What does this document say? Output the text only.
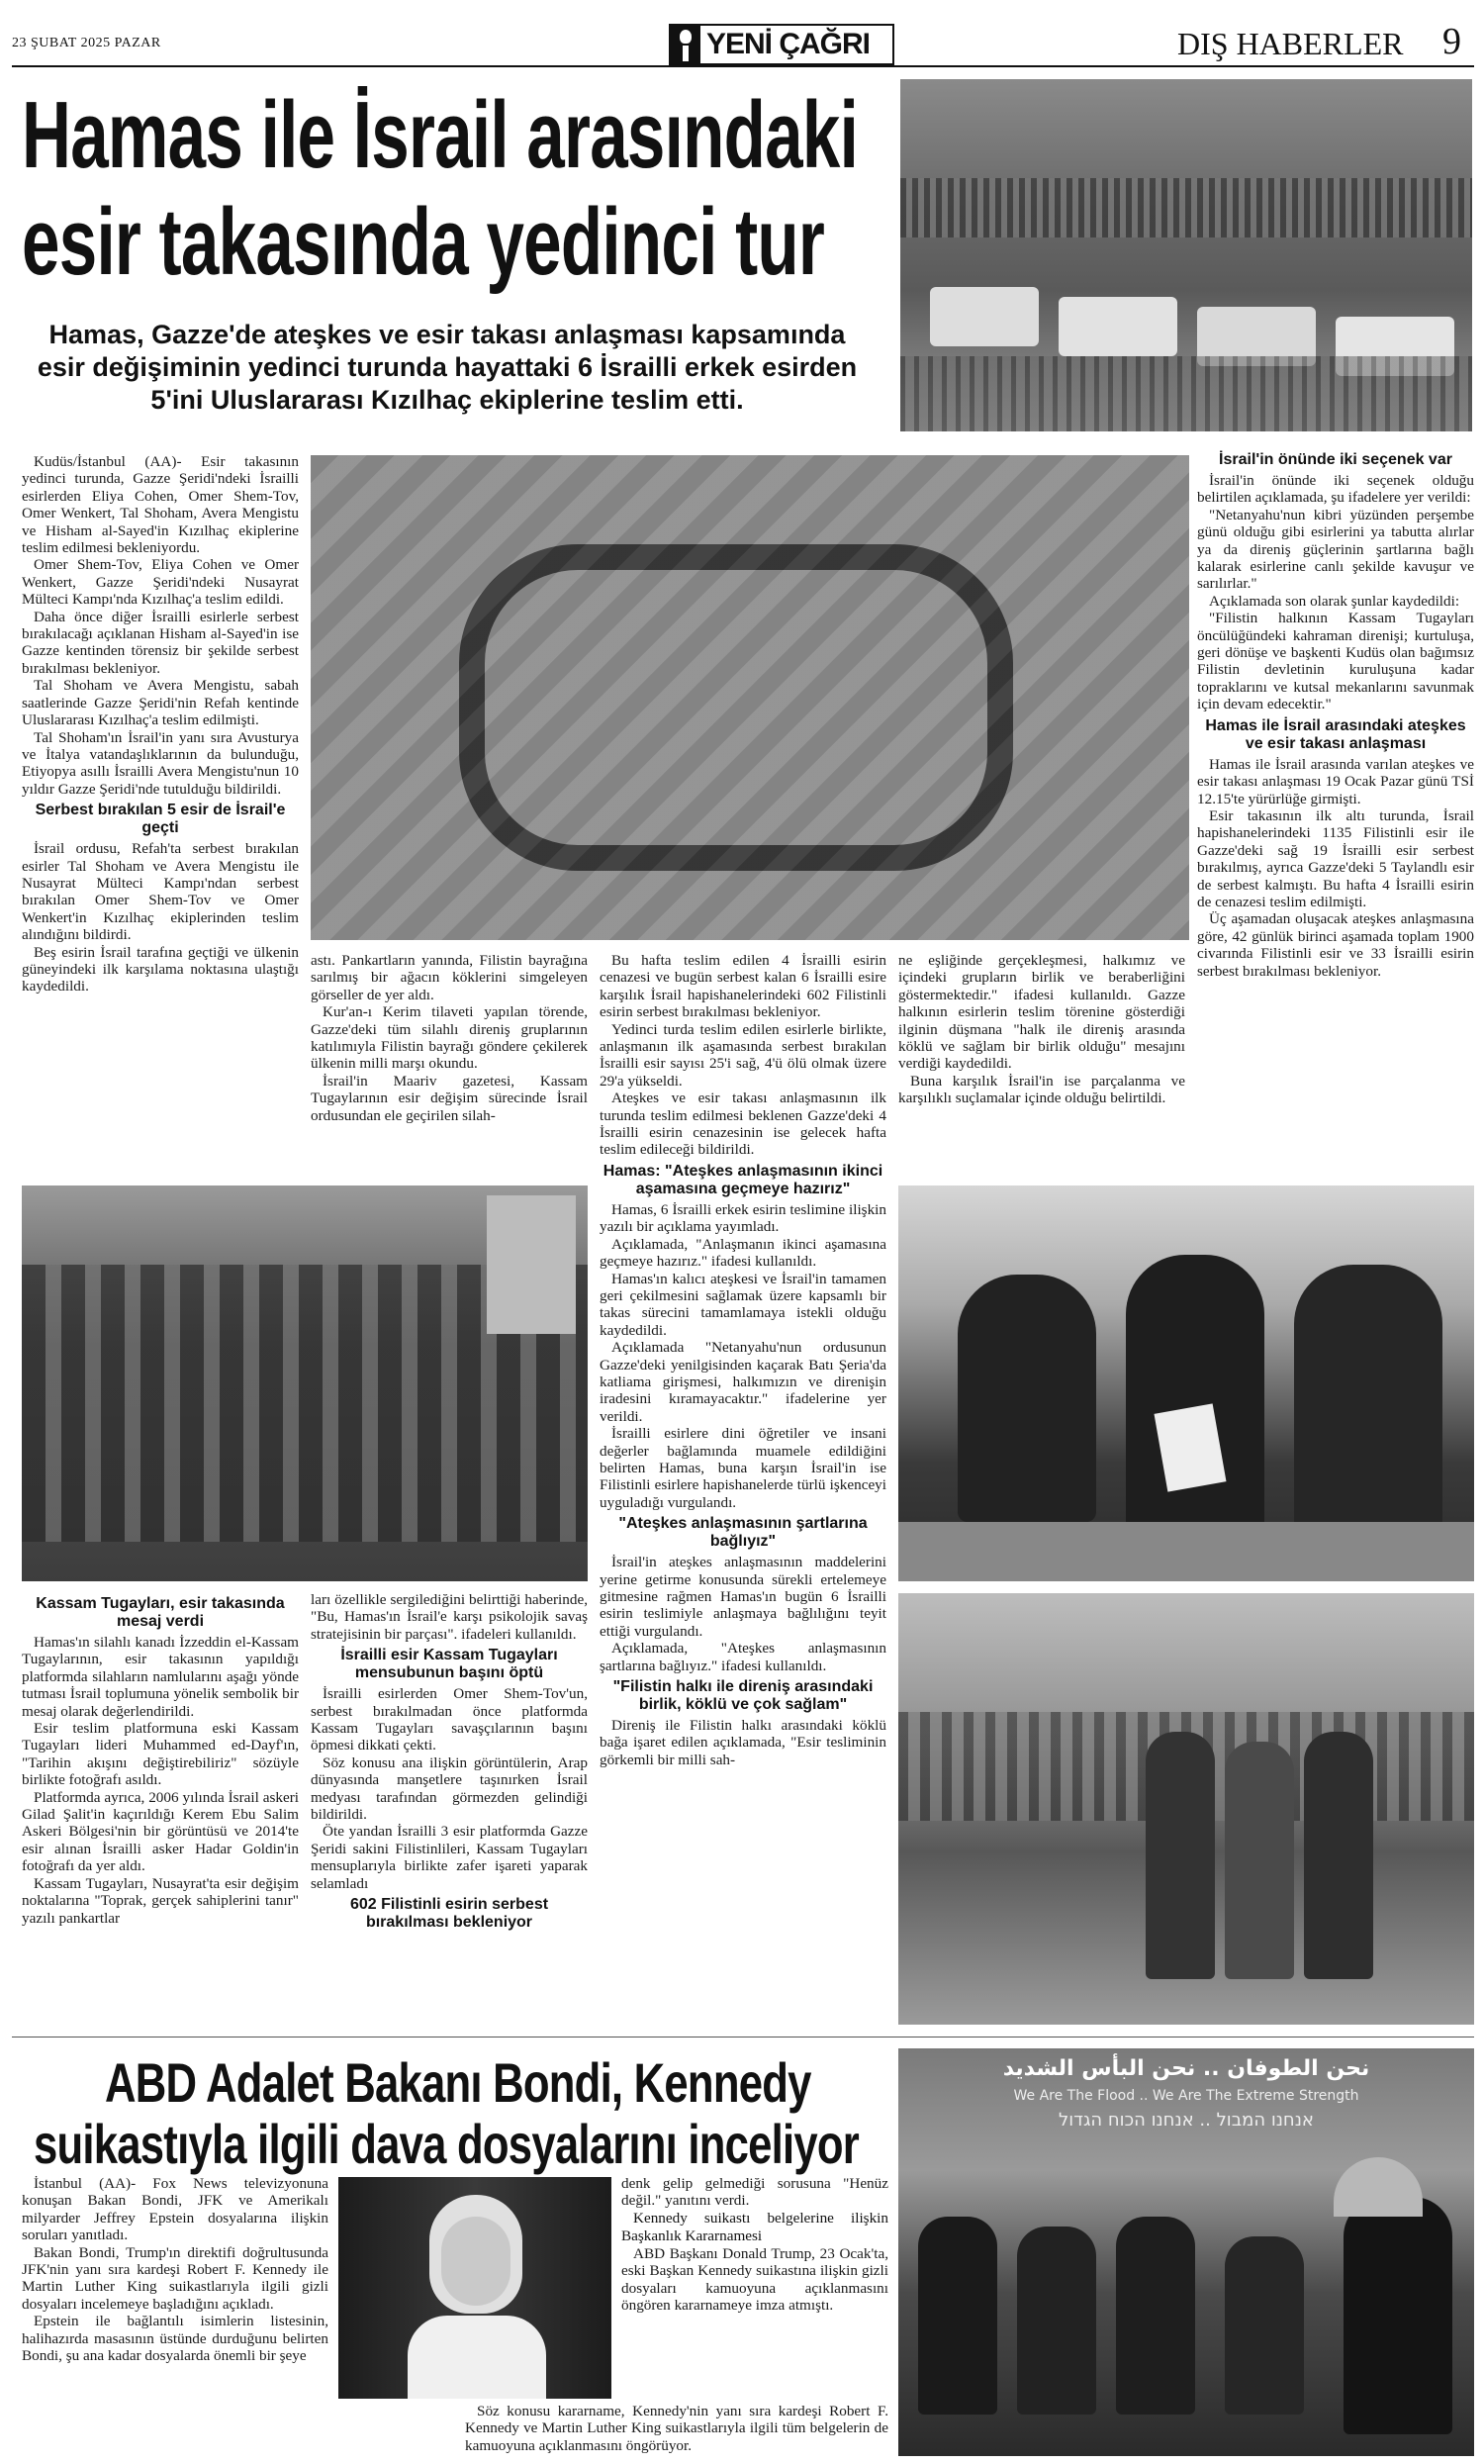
23 ŞUBAT 2025 PAZAR	YENİ ÇAĞRI	DIŞ HABERLER 9
Hamas ile İsrail arasındaki
esir takasında yedinci tur
Hamas, Gazze'de ateşkes ve esir takası anlaşması kapsamında esir değişiminin yedinci turunda hayattaki 6 İsrailli erkek esirden 5'ini Uluslararası Kızılhaç ekiplerine teslim etti.

Kudüs/İstanbul (AA)- Esir takasının yedinci turunda, Gazze Şeridi'ndeki İsrailli esirlerden Eliya Cohen, Omer Shem-Tov, Omer Wenkert, Tal Shoham, Avera Mengistu ve Hisham al-Sayed'in Kızılhaç ekiplerine teslim edilmesi bekleniyordu.

Omer Shem-Tov, Eliya Cohen ve Omer Wenkert, Gazze Şeridi'ndeki Nusayrat Mülteci Kampı'nda Kızılhaç'a teslim edildi.

Daha önce diğer İsrailli esirlerle serbest bırakılacağı açıklanan Hisham al-Sayed'in ise Gazze kentinden törensiz bir şekilde serbest bırakılması bekleniyor.

Tal Shoham ve Avera Mengistu, sabah saatlerinde Gazze Şeridi'nin Refah kentinde Uluslararası Kızılhaç'a teslim edilmişti.

Tal Shoham'ın İsrail'in yanı sıra Avusturya ve İtalya vatandaşlıklarının da bulunduğu, Etiyopya asıllı İsrailli Avera Mengistu'nun 10 yıldır Gazze Şeridi'nde tutulduğu bildirildi.

Serbest bırakılan 5 esir de İsrail'e geçti

İsrail ordusu, Refah'ta serbest bırakılan esirler Tal Shoham ve Avera Mengistu ile Nusayrat Mülteci Kampı'ndan serbest bırakılan Omer Shem-Tov ve Omer Wenkert'in Kızılhaç ekiplerinden teslim alındığını bildirdi.

Beş esirin İsrail tarafına geçtiği ve ülkenin güneyindeki ilk karşılama noktasına ulaştığı kaydedildi.

astı. Pankartların yanında, Filistin bayrağına sarılmış bir ağacın köklerini simgeleyen görseller de yer aldı.

Kur'an-ı Kerim tilaveti yapılan törende, Gazze'deki tüm silahlı direniş gruplarının katılımıyla Filistin bayrağı göndere çekilerek ülkenin milli marşı okundu.

İsrail'in Maariv gazetesi, Kassam Tugaylarının esir değişim sürecinde İsrail ordusundan ele geçirilen silah-

Bu hafta teslim edilen 4 İsrailli esirin cenazesi ve bugün serbest kalan 6 İsrailli esire karşılık İsrail hapishanelerindeki 602 Filistinli esirin serbest bırakılması bekleniyor.

Yedinci turda teslim edilen esirlerle birlikte, anlaşmanın ilk aşamasında serbest bırakılan İsrailli esir sayısı 25'i sağ, 4'ü ölü olmak üzere 29'a yükseldi.

Ateşkes ve esir takası anlaşmasının ilk turunda teslim edilmesi beklenen Gazze'deki 4 İsrailli esirin cenazesinin ise gelecek hafta teslim edileceği bildirildi.

Hamas: "Ateşkes anlaşmasının ikinci aşamasına geçmeye hazırız"

Hamas, 6 İsrailli erkek esirin teslimine ilişkin yazılı bir açıklama yayımladı.

Açıklamada, "Anlaşmanın ikinci aşamasına geçmeye hazırız." ifadesi kullanıldı.

Hamas'ın kalıcı ateşkesi ve İsrail'in tamamen geri çekilmesini sağlamak üzere kapsamlı bir takas sürecini tamamlamaya istekli olduğu kaydedildi.

Açıklamada "Netanyahu'nun ordusunun Gazze'deki yenilgisinden kaçarak Batı Şeria'da katliama girişmesi, halkımızın ve direnişin iradesini kıramayacaktır." ifadelerine yer verildi.

İsrailli esirlere dini öğretiler ve insani değerler bağlamında muamele edildiğini belirten Hamas, buna karşın İsrail'in ise Filistinli esirlere hapishanelerde türlü işkenceyi uyguladığı vurgulandı.

"Ateşkes anlaşmasının şartlarına bağlıyız"

İsrail'in ateşkes anlaşmasının maddelerini yerine getirme konusunda sürekli ertelemeye gitmesine rağmen Hamas'ın bugün 6 İsrailli esirin teslimiyle anlaşmaya bağlılığını teyit ettiği vurgulandı.

Açıklamada, "Ateşkes anlaşmasının şartlarına bağlıyız." ifadesi kullanıldı.

"Filistin halkı ile direniş arasındaki birlik, köklü ve çok sağlam"

Direniş ile Filistin halkı arasındaki köklü bağa işaret edilen açıklamada, "Esir tesliminin görkemli bir milli sah-

ne eşliğinde gerçekleşmesi, halkımız ve içindeki grupların birlik ve beraberliğini göstermektedir." ifadesi kullanıldı. Gazze halkının esirlerin teslim törenine gösterdiği ilginin düşmana "halk ile direniş arasında köklü ve sağlam bir birlik olduğu" mesajını verdiği kaydedildi.

Buna karşılık İsrail'in ise parçalanma ve karşılıklı suçlamalar içinde olduğu belirtildi.

İsrail'in önünde iki seçenek var

İsrail'in önünde iki seçenek olduğu belirtilen açıklamada, şu ifadelere yer verildi:

"Netanyahu'nun kibri yüzünden perşembe günü olduğu gibi esirlerini ya tabutta alırlar ya da direniş güçlerinin şartlarına bağlı kalarak esirlerine canlı şekilde kavuşur ve sarılırlar."

Açıklamada son olarak şunlar kaydedildi:

"Filistin halkının Kassam Tugayları öncülüğündeki kahraman direnişi; kurtuluşa, geri dönüşe ve başkenti Kudüs olan bağımsız Filistin devletinin kuruluşuna kadar topraklarını ve kutsal mekanlarını savunmak için devam edecektir."

Hamas ile İsrail arasındaki ateşkes ve esir takası anlaşması

Hamas ile İsrail arasında varılan ateşkes ve esir takası anlaşması 19 Ocak Pazar günü TSİ 12.15'te yürürlüğe girmişti.

Esir takasının ilk altı turunda, İsrail hapishanelerindeki 1135 Filistinli esir ile Gazze'deki sağ 19 İsrailli esir serbest bırakılmış, ayrıca Gazze'deki 5 Taylandlı esir de serbest kalmıştı. Bu hafta 4 İsrailli esirin de cenazesi teslim edilmişti.

Üç aşamadan oluşacak ateşkes anlaşmasına göre, 42 günlük birinci aşamada toplam 1900 civarında Filistinli esir ve 33 İsrailli esirin serbest bırakılması bekleniyor.

Kassam Tugayları, esir takasında mesaj verdi

Hamas'ın silahlı kanadı İzzeddin el-Kassam Tugaylarının, esir takasının yapıldığı platformda silahların namlularını aşağı yönde tutması İsrail toplumuna yönelik sembolik bir mesaj olarak değerlendirildi.

Esir teslim platformuna eski Kassam Tugayları lideri Muhammed ed-Dayf'ın, "Tarihin akışını değiştirebiliriz" sözüyle birlikte fotoğrafı asıldı.

Platformda ayrıca, 2006 yılında İsrail askeri Gilad Şalit'in kaçırıldığı Kerem Ebu Salim Askeri Bölgesi'nin bir görüntüsü ve 2014'te esir alınan İsrailli asker Hadar Goldin'in fotoğrafı da yer aldı.

Kassam Tugayları, Nusayrat'ta esir değişim noktalarına "Toprak, gerçek sahiplerini tanır" yazılı pankartlar

ları özellikle sergilediğini belirttiği haberinde, "Bu, Hamas'ın İsrail'e karşı psikolojik savaş stratejisinin bir parçası". ifadeleri kullanıldı.

İsrailli esir Kassam Tugayları mensubunun başını öptü

İsrailli esirlerden Omer Shem-Tov'un, serbest bırakılmadan önce platformda Kassam Tugayları savaşçılarının başını öpmesi dikkati çekti.

Söz konusu ana ilişkin görüntülerin, Arap dünyasında manşetlere taşınırken İsrail medyası tarafından görmezden gelindiği bildirildi.

Öte yandan İsrailli 3 esir platformda Gazze Şeridi sakini Filistinlileri, Kassam Tugayları mensuplarıyla birlikte zafer işareti yaparak selamladı

602 Filistinli esirin serbest bırakılması bekleniyor
ABD Adalet Bakanı Bondi, Kennedy
suikastıyla ilgili dava dosyalarını inceliyor

İstanbul (AA)- Fox News televizyonuna konuşan Bakan Bondi, JFK ve Amerikalı milyarder Jeffrey Epstein dosyalarına ilişkin soruları yanıtladı.

Bakan Bondi, Trump'ın direktifi doğrultusunda JFK'nin yanı sıra kardeşi Robert F. Kennedy ile Martin Luther King suikastlarıyla ilgili gizli dosyaları incelemeye başladığını açıkladı.

Epstein ile bağlantılı isimlerin listesinin, halihazırda masasının üstünde durduğunu belirten Bondi, şu ana kadar dosyalarda önemli bir şeye

denk gelip gelmediği sorusuna "Henüz değil." yanıtını verdi.

Kennedy suikastı belgelerine ilişkin Başkanlık Kararnamesi

ABD Başkanı Donald Trump, 23 Ocak'ta, eski Başkan Kennedy suikastına ilişkin gizli dosyaları kamuoyuna açıklanmasını öngören kararnameye imza atmıştı.

Söz konusu kararname, Kennedy'nin yanı sıra kardeşi Robert F. Kennedy ve Martin Luther King suikastlarıyla ilgili tüm belgelerin de kamuoyuna açıklanmasını öngörüyor.

نحن الطوفان .. نحن البأس الشديد
We Are The Flood .. We Are The Extreme Strength
אנחנו המבול .. אנחנו הכוח הגדול
